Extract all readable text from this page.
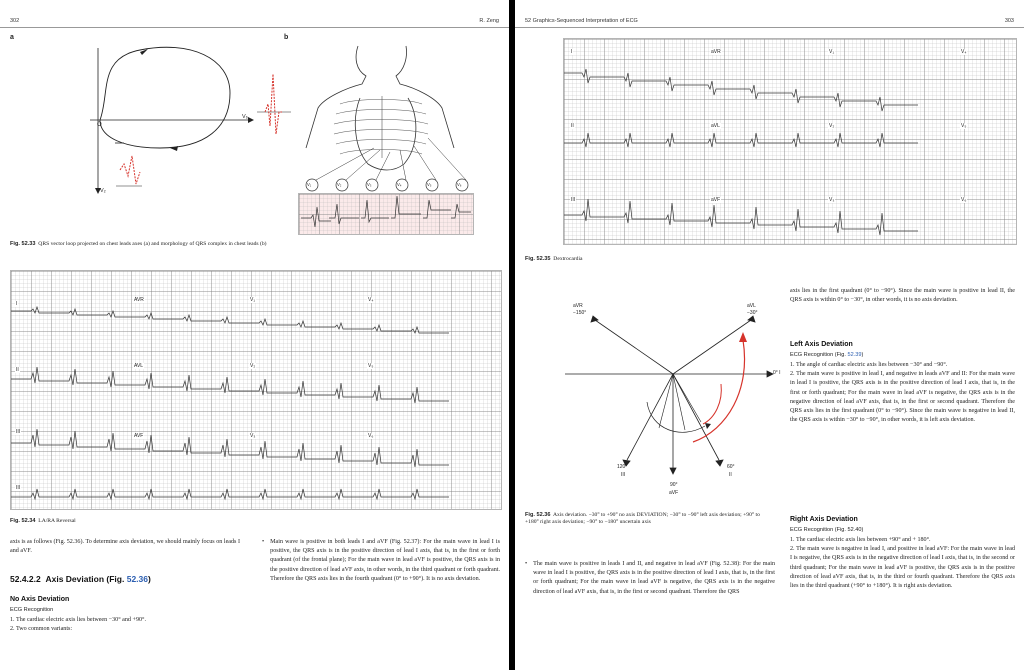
302	R. Zeng
a	b
O
V₆
V₂
V₁	V₂	V₃	V₄	V₅	V₆
Fig. 52.33 QRS vector loop projected on chest leads axes (a) and morphology of QRS complex in chest leads (b)
I
II
III
III
AVR	V₁	V₄
AVL	V₂	V₅
AVF	V₃	V₆
Fig. 52.34 LA/RA Reversal
axis is as follows (Fig. 52.36). To determine axis deviation, we should mainly focus on leads I and aVF.
52.4.2.2 Axis Deviation (Fig. 52.36)
No Axis Deviation
ECG Recognition

1. The cardiac electric axis lies between −30° and +90°.

2. Two common variants:

• Main wave is positive in both leads I and aVF (Fig. 52.37): For the main wave in lead I is positive, the QRS axis is in the positive direction of lead I axis, that is, in the first or forth quadrant (of the frontal plane); For the main wave in lead aVF is positive, the QRS axis is in the positive direction of lead aVF axis, in other words, in the third quadrant or forth quadrant. Therefore the QRS axis lies in the fourth quadrant (0° to +90°). It is no axis deviation.
52 Graphics-Sequenced Interpretation of ECG	303
I
II
III
aVR	V₁	V₄
aVL	V₂	V₅
aVF	V₃	V₆
Fig. 52.35 Dextrocardia
aVR
−150°
aVL
−30°
0° I
120°
III
90°
aVF
60°
II
Fig. 52.36 Axis deviation. −30° to +90° no axis DEVIATION; −30° to −90° left axis deviation; +90° to +180° right axis deviation; −90° to −180° uncertain axis
• The main wave is positive in leads I and II, and negative in lead aVF (Fig. 52.38): For the main wave in lead I is positive, the QRS axis is in the positive direction of lead I axis, that is, in the first or forth quadrant; For the main wave in lead aVF is negative, the QRS axis is in the negative direction of lead aVF axis, that is, in the first or second quadrant. Therefore the QRS
axis lies in the first quadrant (0° to −90°). Since the main wave is positive in lead II, the QRS axis is within 0° to −30°, in other words, it is no axis deviation.
Left Axis Deviation
ECG Recognition (Fig. 52.39)

1. The angle of cardiac electric axis lies between −30° and −90°.

2. The main wave is positive in lead I, and negative in leads aVF and II: For the main wave in lead I is positive, the QRS axis is in the positive direction of lead I axis, that is, in the first or forth quadrant; For the main wave in lead aVF is negative, the QRS axis is in the negative direction of lead aVF axis, that is, in the first or second quadrant. Therefore the QRS axis lies in the first quadrant (0° to −90°). Since the main wave is negative in lead II, the QRS axis is within −30° to −90°, in other words, it is left axis deviation.

Right Axis Deviation
ECG Recognition (Fig. 52.40)

1. The cardiac electric axis lies between +90° and + 180°.

2. The main wave is negative in lead I, and positive in lead aVF: For the main wave in lead I is negative, the QRS axis is in the negative direction of lead I axis, that is, in the second or third quadrant; For the main wave in lead aVF is positive, the QRS axis is in the positive direction of lead aVF axis, that is, in the third or fourth quadrant. Therefore the QRS axis lies in the third quadrant (+90° to +180°). It is right axis deviation.
